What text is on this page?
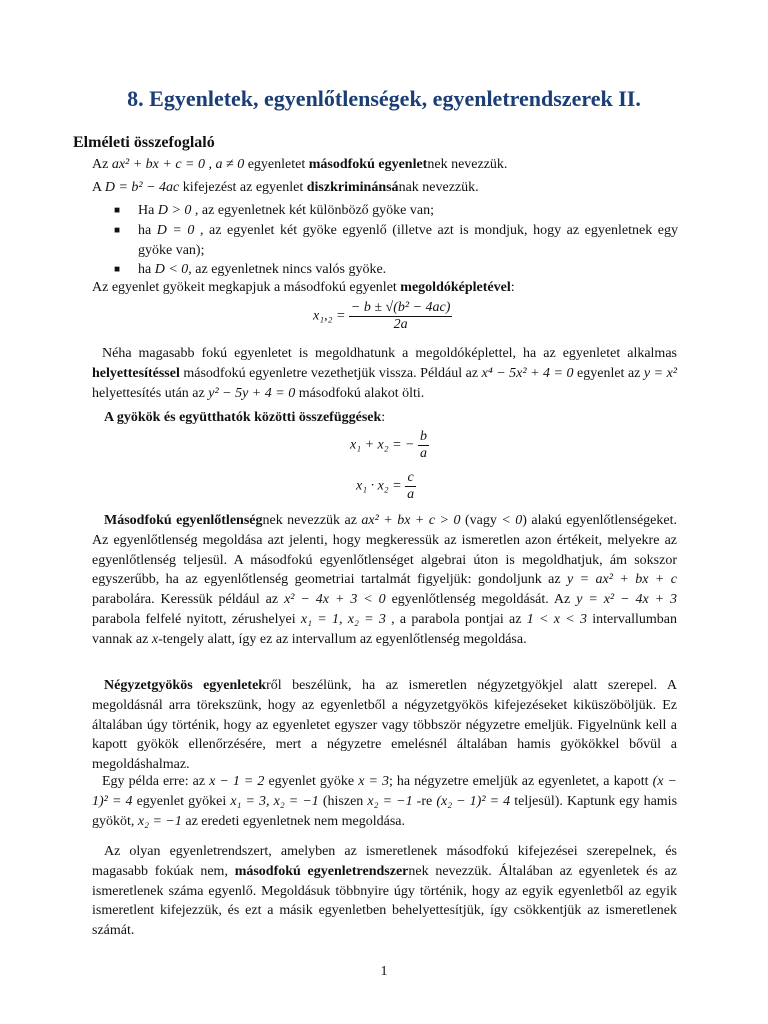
8. Egyenletek, egyenlőtlenségek, egyenletrendszerek II.
Elméleti összefoglaló
Az ax² + bx + c = 0 , a ≠ 0 egyenletet másodfokú egyenletnek nevezzük.
A D = b² − 4ac kifejezést az egyenlet diszkriminánsának nevezzük.
■ Ha D > 0 , az egyenletnek két különböző gyöke van;
■ ha D = 0 , az egyenlet két gyöke egyenlő (illetve azt is mondjuk, hogy az egyenletnek egy gyöke van);
■ ha D < 0, az egyenletnek nincs valós gyöke.
Az egyenlet gyökeit megkapjuk a másodfokú egyenlet megoldóképletével:
$x_1,_2 = \frac{\text{− b ± √(b² − 4ac)}}{2a}$
Néha magasabb fokú egyenletet is megoldhatunk a megoldóképlettel, ha az egyenletet alkalmas helyettesítéssel másodfokú egyenletre vezethetjük vissza. Például az x⁴ − 5x² + 4 = 0 egyenlet az y = x² helyettesítés után az y² − 5y + 4 = 0 másodfokú alakot ölti.
A gyökök és együtthatók közötti összefüggések:
x₁ + x₂ = − $\frac{b}{a}$
$x_1 \cdot x_2 = \frac{c}{a}$
Másodfokú egyenlőtlenségnek nevezzük az ax² + bx + c > 0 (vagy < 0) alakú egyenlőtlenségeket. Az egyenlőtlenség megoldása azt jelenti, hogy megkeressük az ismeretlen azon értékeit, melyekre az egyenlőtlenség teljesül. A másodfokú egyenlőtlenséget algebrai úton is megoldhatjuk, ám sokszor egyszerűbb, ha az egyenlőtlenség geometriai tartalmát figyeljük: gondoljunk az y = ax² + bx + c parabolára. Keressük például az x² − 4x + 3 < 0 egyenlőtlenség megoldását. Az y = x² − 4x + 3 parabola felfelé nyitott, zérushelyei x₁ = 1, x₂ = 3 , a parabola pontjai az 1 < x < 3 intervallumban vannak az x-tengely alatt, így ez az intervallum az egyenlőtlenség megoldása.
Négyzetgyökös egyenletekről beszélünk, ha az ismeretlen négyzetgyökjel alatt szerepel. A megoldásnál arra törekszünk, hogy az egyenletből a négyzetgyökös kifejezéseket kiküszöböljük. Ez általában úgy történik, hogy az egyenletet egyszer vagy többször négyzetre emeljük. Figyelnünk kell a kapott gyökök ellenőrzésére, mert a négyzetre emelésnél általában hamis gyökökkel bővül a megoldáshalmaz.
Egy példa erre: az x − 1 = 2 egyenlet gyöke x = 3; ha négyzetre emeljük az egyenletet, a kapott (x − 1)² = 4 egyenlet gyökei x₁ = 3, x₂ = −1 (hiszen x₂ = −1 -re (x₂ − 1)² = 4 teljesül). Kaptunk egy hamis gyököt, x₂ = −1 az eredeti egyenletnek nem megoldása.
Az olyan egyenletrendszert, amelyben az ismeretlenek másodfokú kifejezései szerepelnek, és magasabb fokúak nem, másodfokú egyenletrendszernek nevezzük. Általában az egyenletek és az ismeretlenek száma egyenlő. Megoldásuk többnyire úgy történik, hogy az egyik egyenletből az egyik ismeretlent kifejezzük, és ezt a másik egyenletben behelyettesítjük, így csökkentjük az ismeretlenek számát.
1
